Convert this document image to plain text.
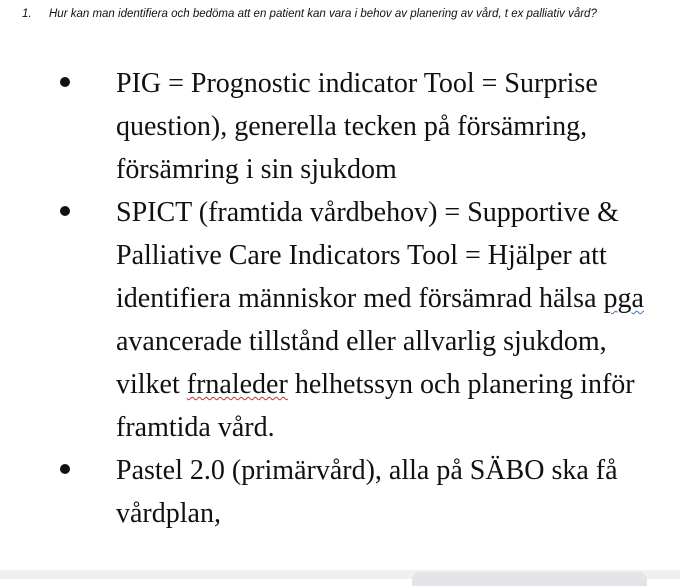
1. Hur kan man identifiera och bedöma att en patient kan vara i behov av planering av vård, t ex palliativ vård?
PIG = Prognostic indicator Tool = Surprise question), generella tecken på försämring, försämring i sin sjukdom
SPICT (framtida vårdbehov) = Supportive & Palliative Care Indicators Tool = Hjälper att identifiera människor med försämrad hälsa pga avancerade tillstånd eller allvarlig sjukdom, vilket frnaleder helhetssyn och planering inför framtida vård.
Pastel 2.0 (primärvård), alla på SÄBO ska få vårdplan,
